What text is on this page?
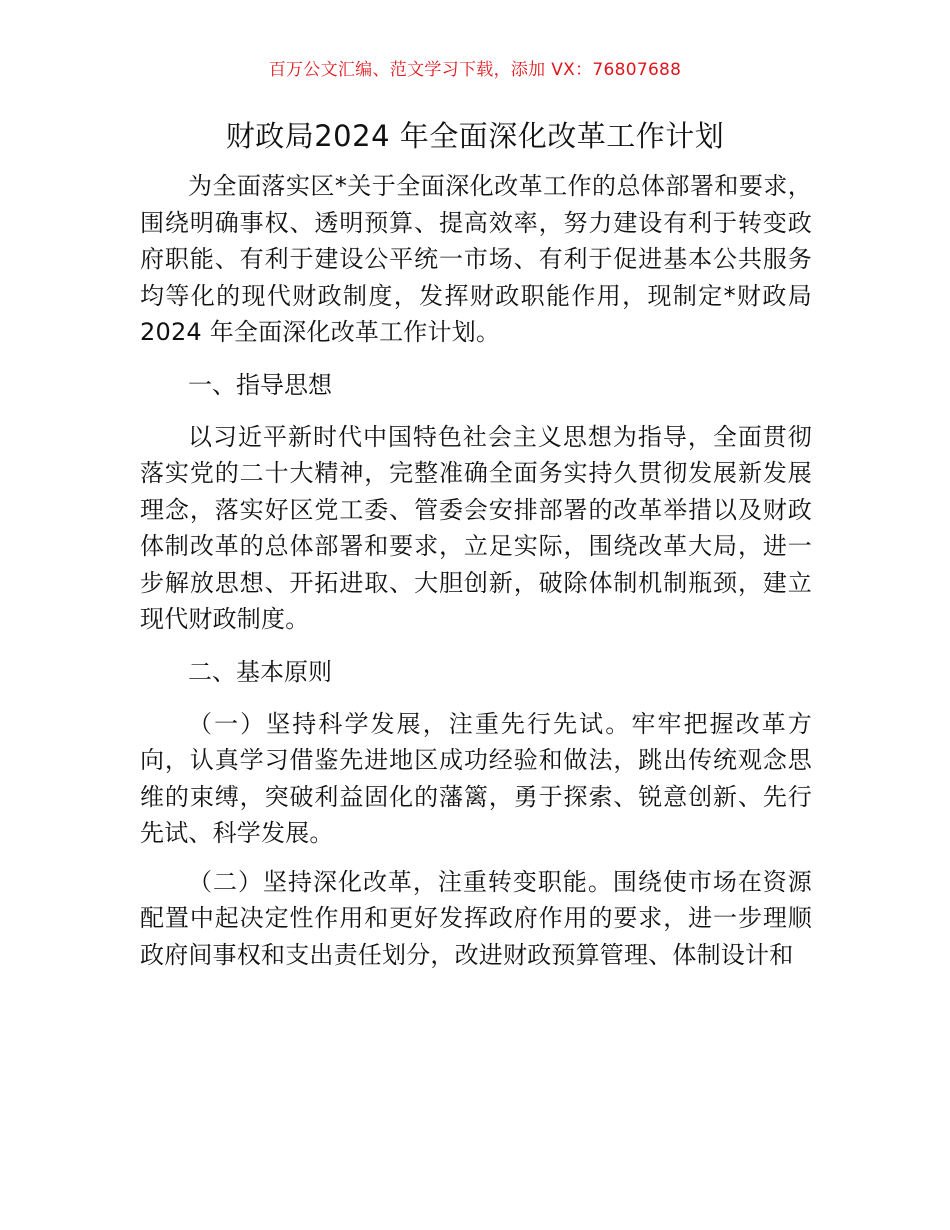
百万公文汇编、范文学习下载，添加 VX：76807688
财政局2024 年全面深化改革工作计划

为全面落实区*关于全面深化改革工作的总体部署和要求，围绕明确事权、透明预算、提高效率，努力建设有利于转变政府职能、有利于建设公平统一市场、有利于促进基本公共服务均等化的现代财政制度，发挥财政职能作用，现制定*财政局 2024 年全面深化改革工作计划。

一、指导思想

以习近平新时代中国特色社会主义思想为指导，全面贯彻落实党的二十大精神，完整准确全面务实持久贯彻发展新发展理念，落实好区党工委、管委会安排部署的改革举措以及财政体制改革的总体部署和要求，立足实际，围绕改革大局，进一步解放思想、开拓进取、大胆创新，破除体制机制瓶颈，建立现代财政制度。

二、基本原则

（一）坚持科学发展，注重先行先试。牢牢把握改革方向，认真学习借鉴先进地区成功经验和做法，跳出传统观念思维的束缚，突破利益固化的藩篱，勇于探索、锐意创新、先行先试、科学发展。

（二）坚持深化改革，注重转变职能。围绕使市场在资源配置中起决定性作用和更好发挥政府作用的要求，进一步理顺政府间事权和支出责任划分，改进财政预算管理、体制设计和
